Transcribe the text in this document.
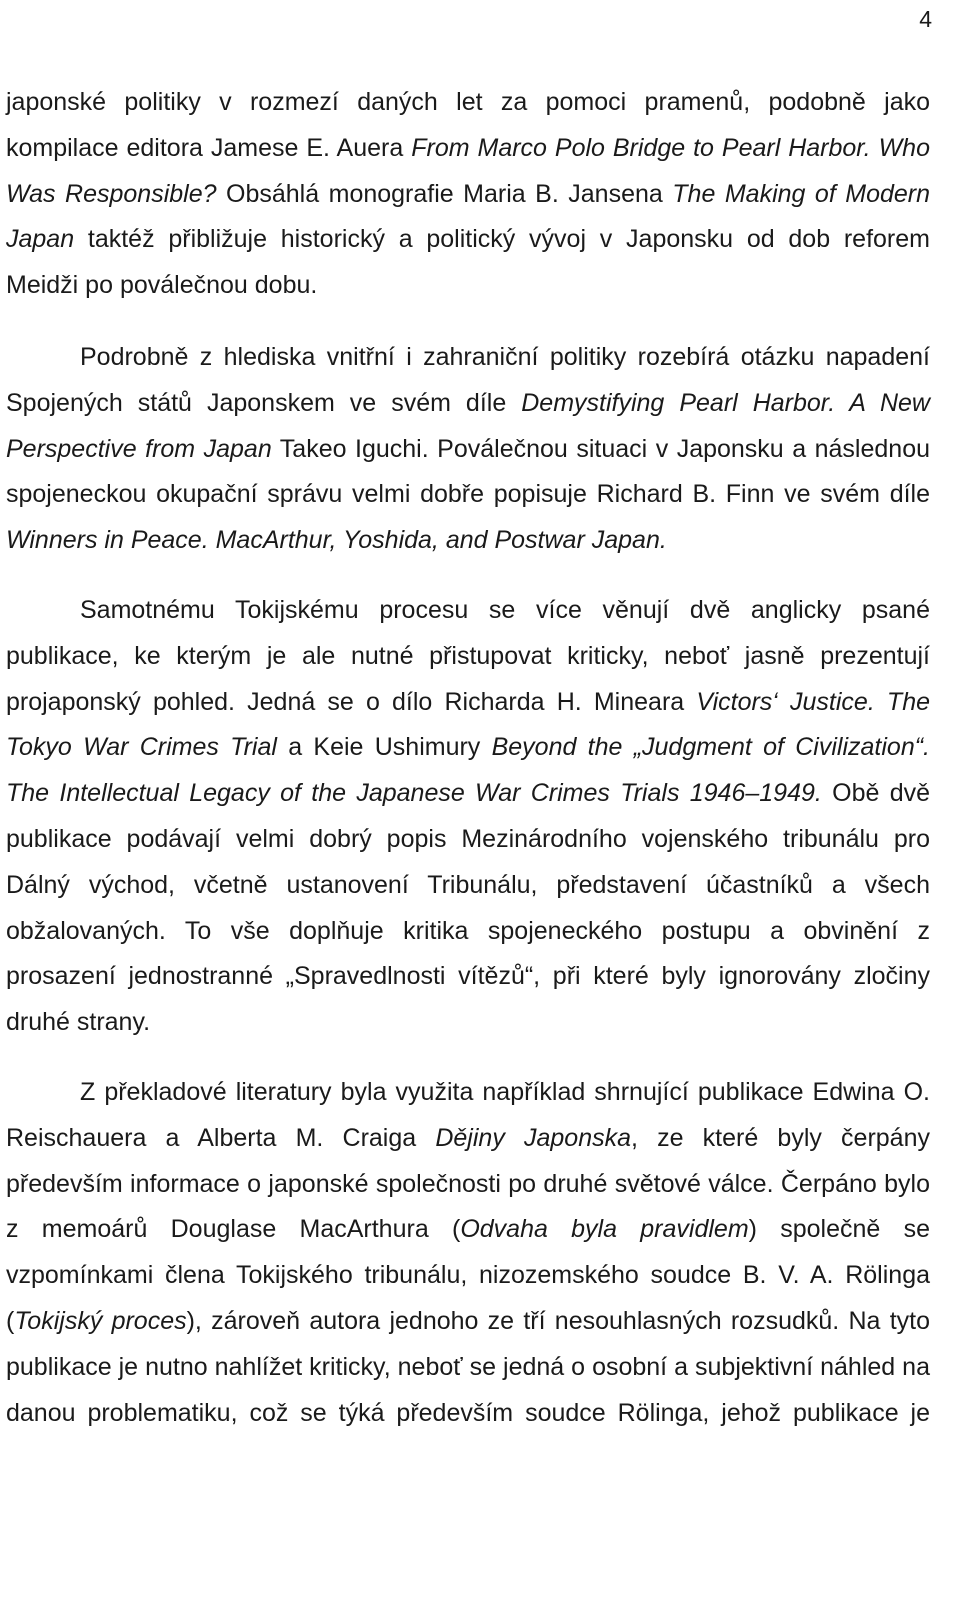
4

japonské politiky v rozmezí daných let za pomoci pramenů, podobně jako kompilace editora Jamese E. Auera From Marco Polo Bridge to Pearl Harbor. Who Was Responsible? Obsáhlá monografie Maria B. Jansena The Making of Modern Japan taktéž přibližuje historický a politický vývoj v Japonsku od dob reforem Meidži po poválečnou dobu.

Podrobně z hlediska vnitřní i zahraniční politiky rozebírá otázku napadení Spojených států Japonskem ve svém díle Demystifying Pearl Harbor. A New Perspective from Japan Takeo Iguchi. Poválečnou situaci v Japonsku a následnou spojeneckou okupační správu velmi dobře popisuje Richard B. Finn ve svém díle Winners in Peace. MacArthur, Yoshida, and Postwar Japan.

Samotnému Tokijskému procesu se více věnují dvě anglicky psané publikace, ke kterým je ale nutné přistupovat kriticky, neboť jasně prezentují projaponský pohled. Jedná se o dílo Richarda H. Mineara Victors‘ Justice. The Tokyo War Crimes Trial a Keie Ushimury Beyond the „Judgment of Civilization“. The Intellectual Legacy of the Japanese War Crimes Trials 1946–1949. Obě dvě publikace podávají velmi dobrý popis Mezinárodního vojenského tribunálu pro Dálný východ, včetně ustanovení Tribunálu, představení účastníků a všech obžalovaných. To vše doplňuje kritika spojeneckého postupu a obvinění z prosazení jednostranné „Spravedlnosti vítězů“, při které byly ignorovány zločiny druhé strany.

Z překladové literatury byla využita například shrnující publikace Edwina O. Reischauera a Alberta M. Craiga Dějiny Japonska, ze které byly čerpány především informace o japonské společnosti po druhé světové válce. Čerpáno bylo z memoárů Douglase MacArthura (Odvaha byla pravidlem) společně se vzpomínkami člena Tokijského tribunálu, nizozemského soudce B. V. A. Rölinga (Tokijský proces), zároveň autora jednoho ze tří nesouhlasných rozsudků. Na tyto publikace je nutno nahlížet kriticky, neboť se jedná o osobní a subjektivní náhled na danou problematiku, což se týká především soudce Rölinga, jehož publikace je
